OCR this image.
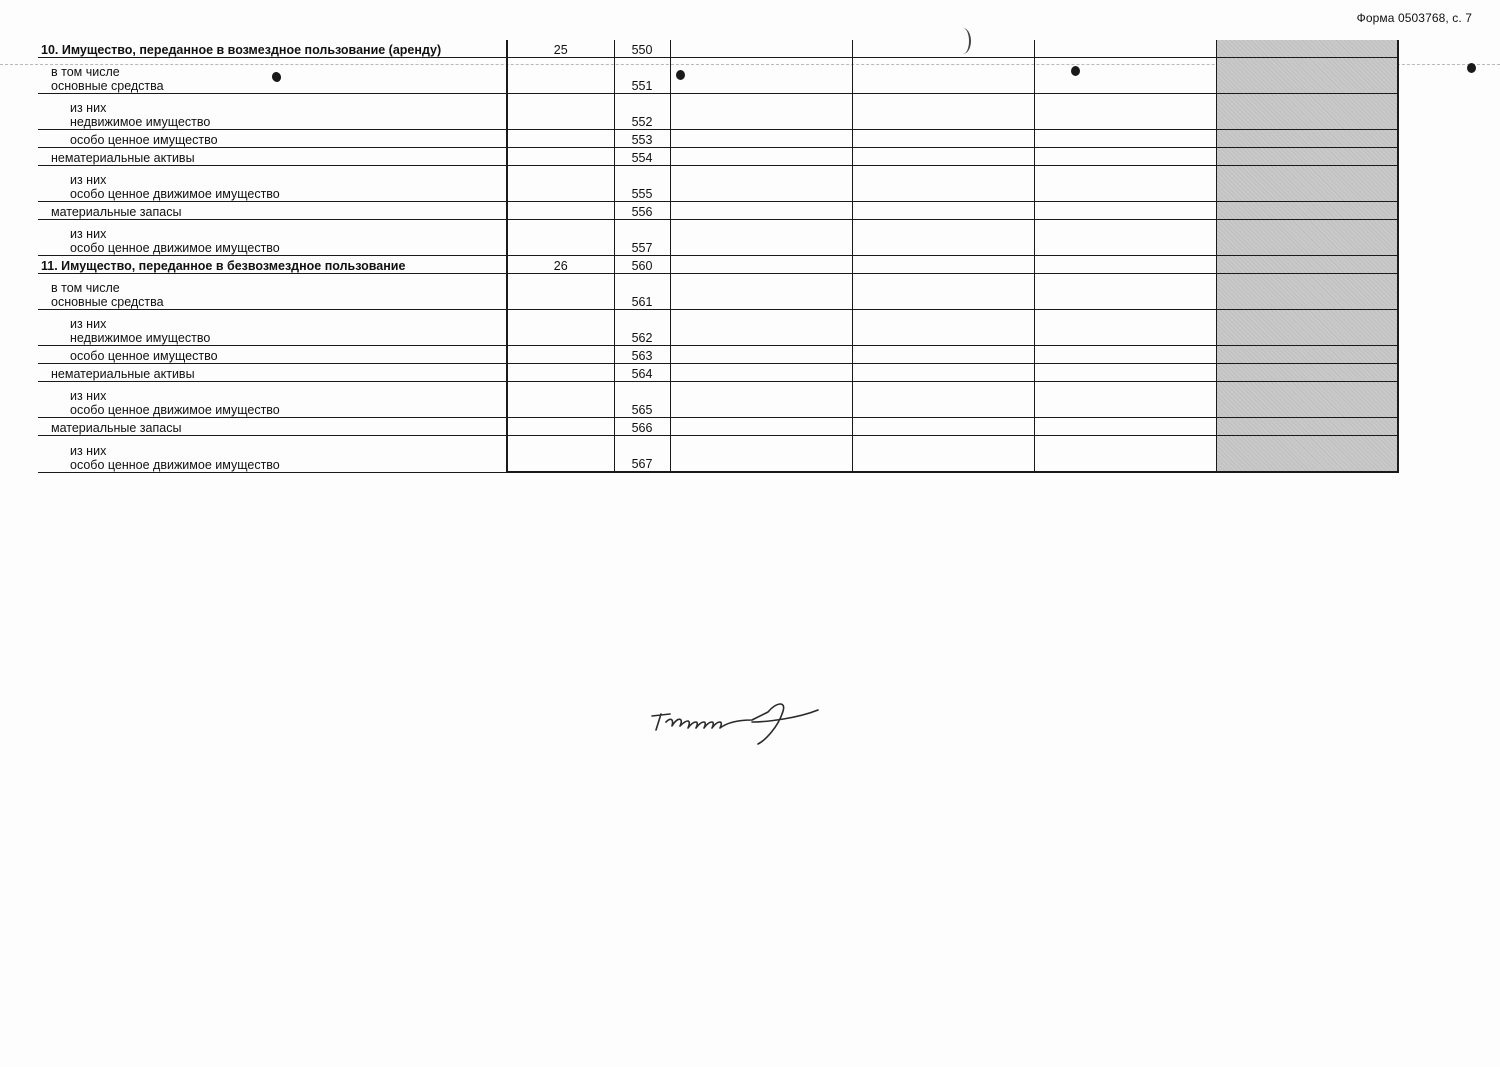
Форма 0503768, с. 7
10. Имущество, переданное в возмездное пользование (аренду)	25	550				

в том числе
основные средства		551				

из них
недвижимое имущество		552				
особо ценное имущество		553				
нематериальные активы		554				

из них
особо ценное движимое имущество		555				
материальные запасы		556				

из них
особо ценное движимое имущество		557				
11. Имущество, переданное в безвозмездное пользование	26	560				

в том числе
основные средства		561				

из них
недвижимое имущество		562				
особо ценное имущество		563				
нематериальные активы		564				

из них
особо ценное движимое имущество		565				
материальные запасы		566				

из них
особо ценное движимое имущество		567				
